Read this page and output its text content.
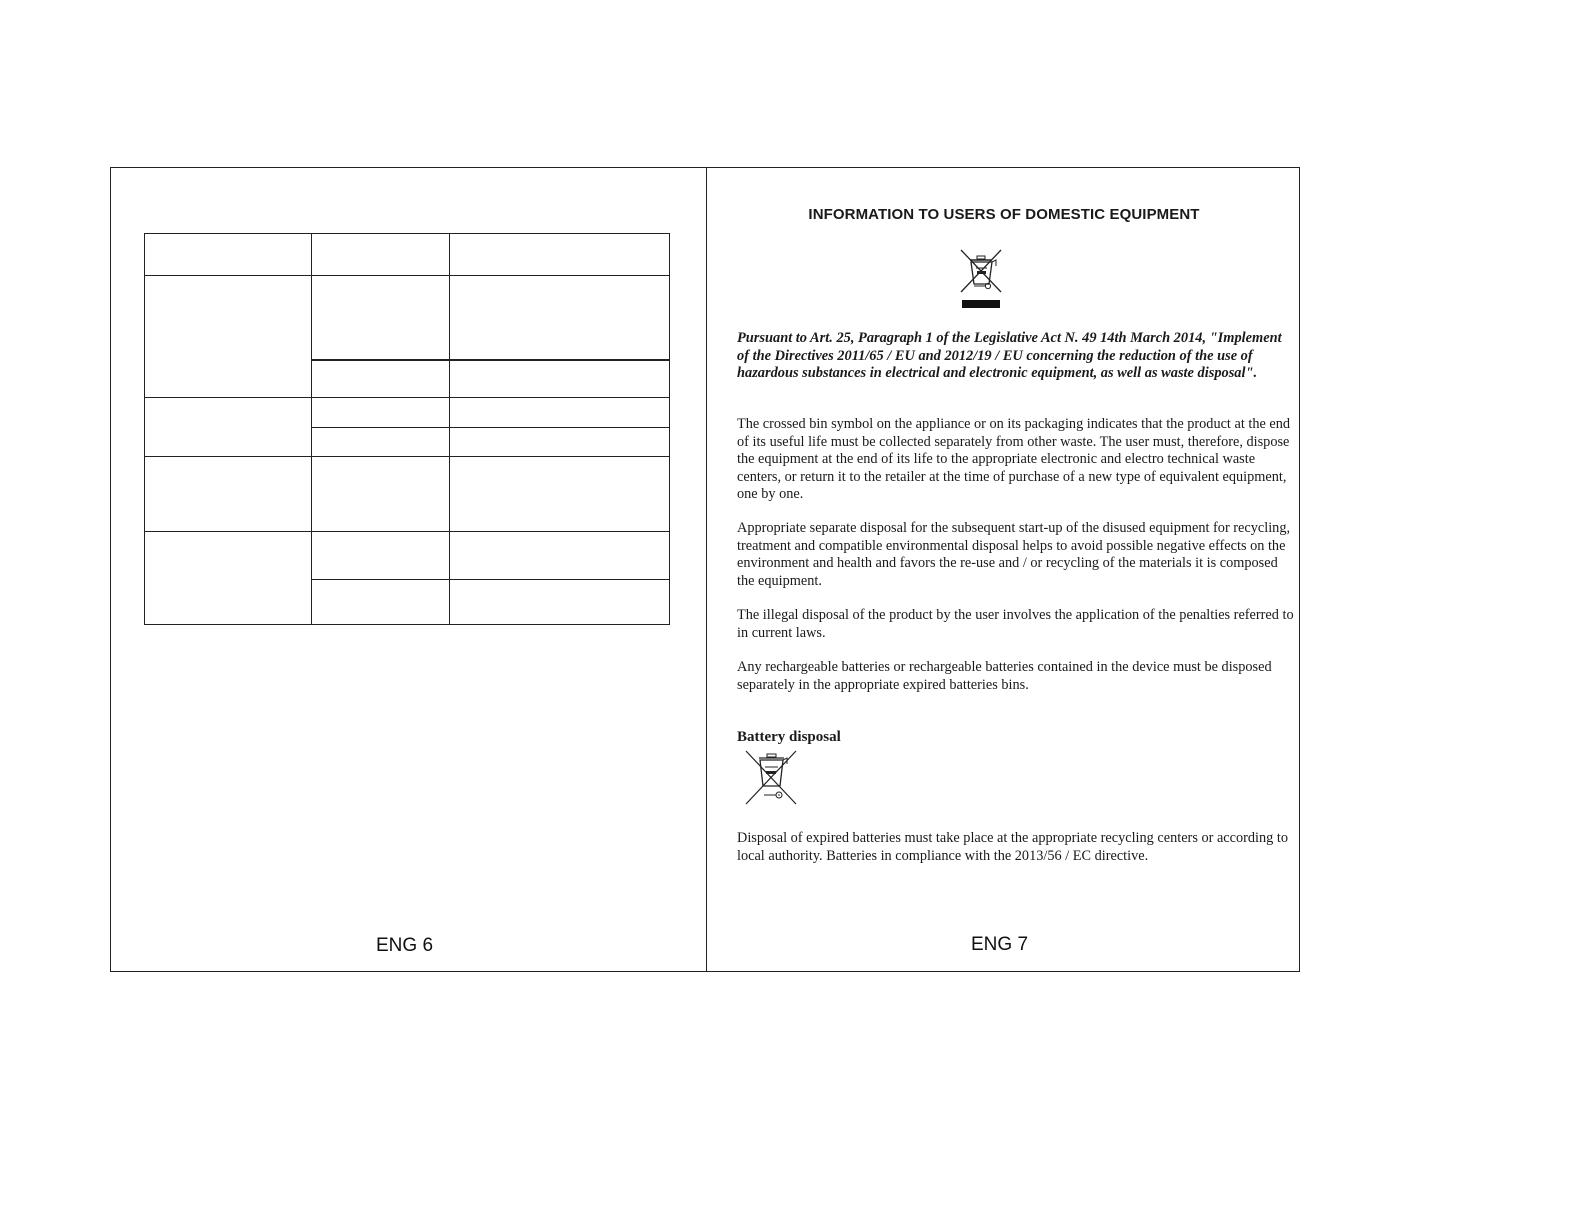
ENG 6
INFORMATION TO USERS OF DOMESTIC EQUIPMENT

Pursuant to Art. 25, Paragraph 1 of the Legislative Act N. 49 14th March 2014, "Implement of the Directives 2011/65 / EU and 2012/19 / EU concerning the reduction of the use of hazardous substances in electrical and electronic equipment, as well as waste disposal".

The crossed bin symbol on the appliance or on its packaging indicates that the product at the end of its useful life must be collected separately from other waste. The user must, therefore, dispose the equipment at the end of its life to the appropriate electronic and electro technical waste centers, or return it to the retailer at the time of purchase of a new type of equivalent equipment, one by one.

Appropriate separate disposal for the subsequent start-up of the disused equipment for recycling, treatment and compatible environmental disposal helps to avoid possible negative effects on the environment and health and favors the re-use and / or recycling of the materials it is composed the equipment.

The illegal disposal of the product by the user involves the application of the penalties referred to in current laws.

Any rechargeable batteries or rechargeable batteries contained in the device must be disposed separately in the appropriate expired batteries bins.

Battery disposal

Disposal of expired batteries must take place at the appropriate recycling centers or according to local authority. Batteries in compliance with the 2013/56 / EC directive.

ENG 7
